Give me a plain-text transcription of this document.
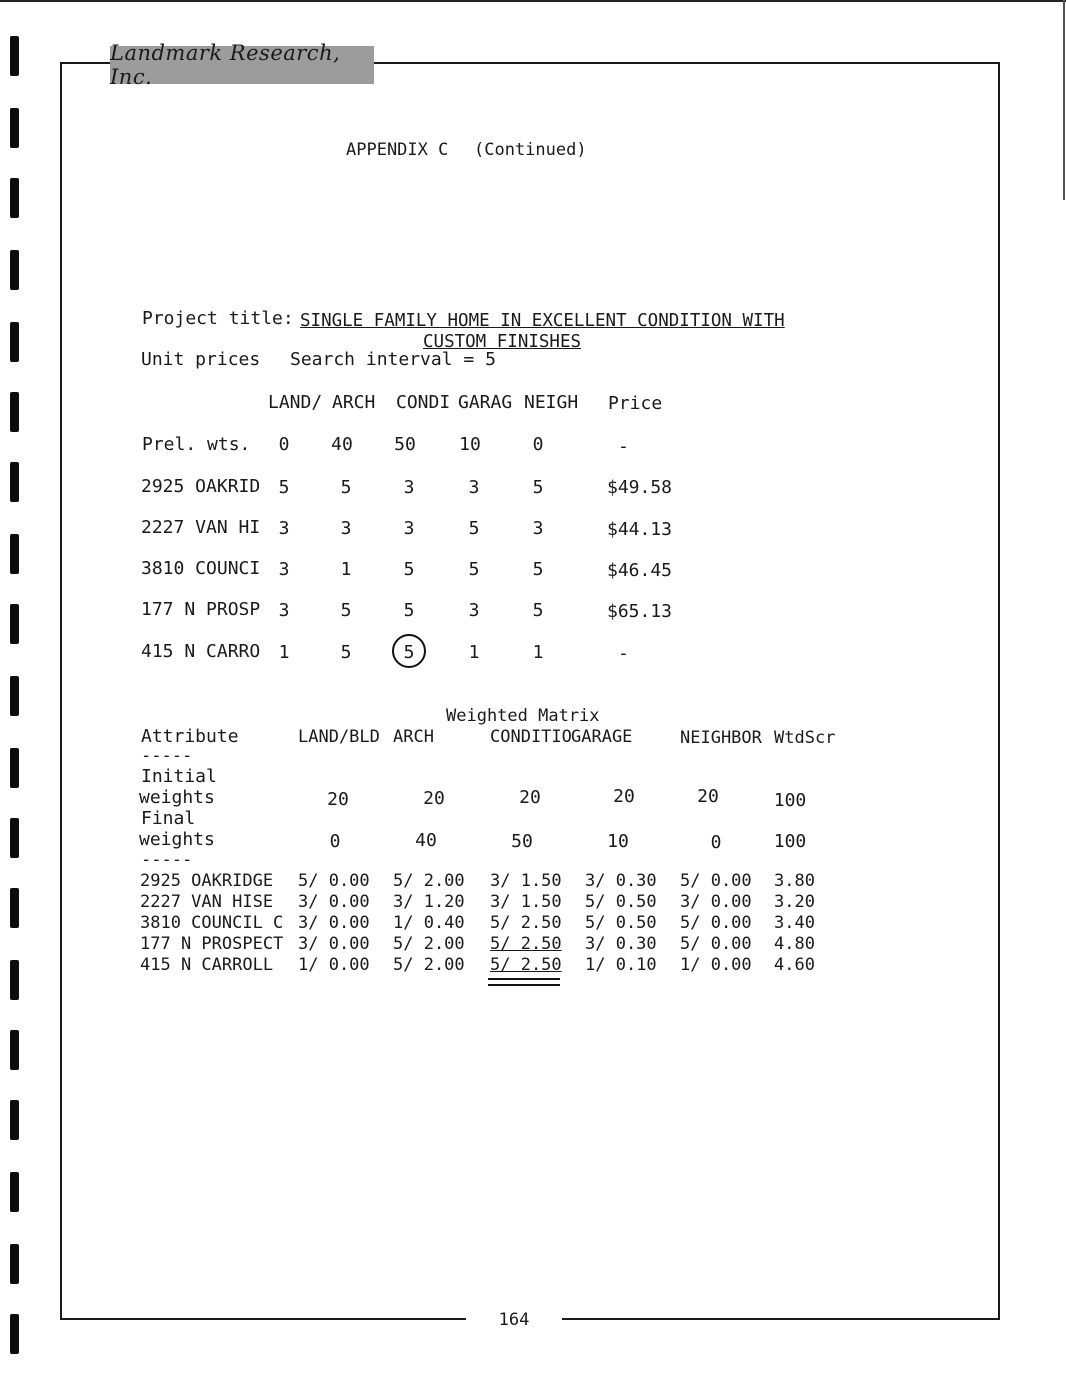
Landmark Research, Inc.
APPENDIX C (Continued)
Project title: SINGLE FAMILY HOME IN EXCELLENT CONDITION WITH
CUSTOM FINISHES
Unit prices Search interval = 5
LAND/ ARCH CONDI GARAG NEIGH Price
Prel. wts.	0	40	50	10	0	-
2925 OAKRID	5	5	3	3	5	$49.58
2227 VAN HI	3	3	3	5	3	$44.13
3810 COUNCI	3	1	5	5	5	$46.45
177 N PROSP	3	5	5	3	5	$65.13
415 N CARRO	1	5	5	1	1	-
Weighted Matrix
Attribute	LAND/BLD ARCH	CONDITIO GARAGE	NEIGHBOR WtdScr
-----
Initial
weights	20	20	20	20	20	100
Final
weights	0	40	50	10	0	100
-----
2925 OAKRIDGE 5/ 0.00 5/ 2.00 3/ 1.50 3/ 0.30 5/ 0.00 3.80
2227 VAN HISE 3/ 0.00 3/ 1.20 3/ 1.50 5/ 0.50 3/ 0.00 3.20
3810 COUNCIL C 3/ 0.00 1/ 0.40 5/ 2.50 5/ 0.50 5/ 0.00 3.40
177 N PROSPECT 3/ 0.00 5/ 2.00 5/ 2.50 3/ 0.30 5/ 0.00 4.80
415 N CARROLL 1/ 0.00 5/ 2.00 5/ 2.50 1/ 0.10 1/ 0.00 4.60
164
